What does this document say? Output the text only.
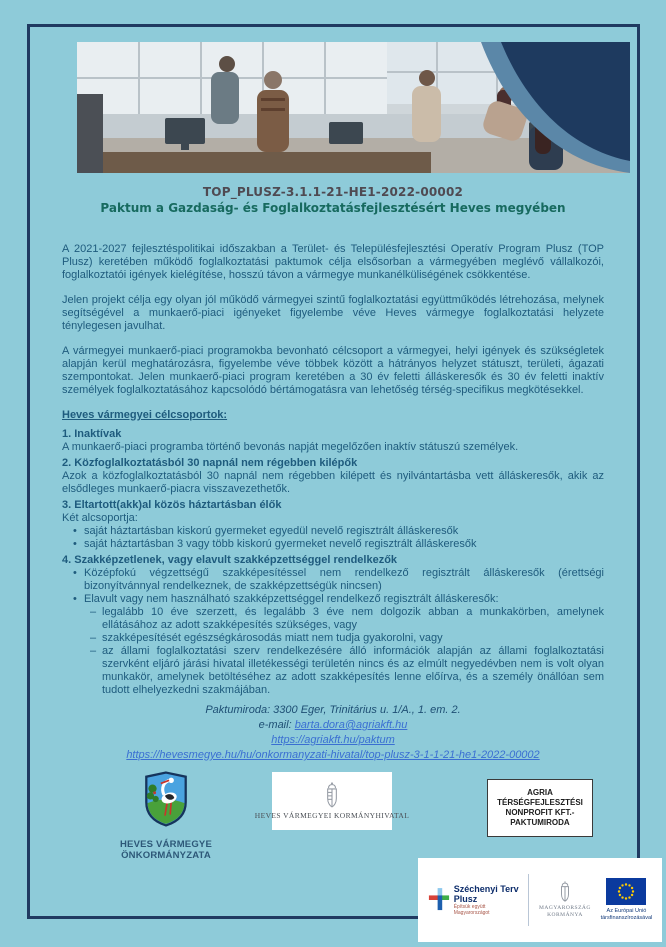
TOP_PLUSZ-3.1.1-21-HE1-2022-00002
Paktum a Gazdaság- és Foglalkoztatásfejlesztésért Heves megyében

A 2021-2027 fejlesztéspolitikai időszakban a Terület- és Településfejlesztési Operatív Program Plusz (TOP Plusz) keretében működő foglalkoztatási paktumok célja elsősorban a vármegyében meglévő vállalkozói, foglalkoztatói igények kielégítése, hosszú távon a vármegye munkanélküliségének csökkentése.

Jelen projekt célja egy olyan jól működő vármegyei szintű foglalkoztatási együttműködés létrehozása, melynek segítségével a munkaerő-piaci igényeket figyelembe véve Heves vármegye foglalkoztatási helyzete ténylegesen javulhat.

A vármegyei munkaerő-piaci programokba bevonható célcsoport a vármegyei, helyi igények és szükségletek alapján kerül meghatározásra, figyelembe véve többek között a hátrányos helyzet státuszt, területi, ágazati szempontokat. Jelen munkaerő-piaci program keretében a 30 év feletti álláskeresők és 30 év feletti inaktív személyek foglalkoztatásához kapcsolódó bértámogatásra van lehetőség térség-specifikus megkötésekkel.

Heves vármegyei célcsoportok:
1. Inaktívak
A munkaerő-piaci programba történő bevonás napját megelőzően inaktív státuszú személyek.
2. Közfoglalkoztatásból 30 napnál nem régebben kilépők
Azok a közfoglalkoztatásból 30 napnál nem régebben kilépett és nyilvántartásba vett álláskeresők, akik az elsődleges munkaerő-piacra visszavezethetők.
3. Eltartott(akk)al közös háztartásban élők
Két alcsoportja:
• saját háztartásban kiskorú gyermeket egyedül nevelő regisztrált álláskeresők
• saját háztartásban 3 vagy több kiskorú gyermeket nevelő regisztrált álláskeresők
4. Szakképzetlenek, vagy elavult szakképzettséggel rendelkezők
• Középfokú végzettségű szakképesítéssel nem rendelkező regisztrált álláskeresők (érettségi bizonyítvánnyal rendelkeznek, de szakképzettségük nincsen)
• Elavult vagy nem használható szakképzettséggel rendelkező regisztrált álláskeresők:
– legalább 10 éve szerzett, és legalább 3 éve nem dolgozik abban a munkakörben, amelynek ellátásához az adott szakképesítés szükséges, vagy
– szakképesítését egészségkárosodás miatt nem tudja gyakorolni, vagy
– az állami foglalkoztatási szerv rendelkezésére álló információk alapján az állami foglalkoztatási szervként eljáró járási hivatal illetékességi területén nincs és az elmúlt negyedévben nem is volt olyan munkakör, amelynek betöltéséhez az adott szakképesítés lenne előírva, és a személy önállóan sem tudott elhelyezkedni szakmájában.
Paktumiroda: 3300 Eger, Trinitárius u. 1/A., 1. em. 2.
e-mail: barta.dora@agriakft.hu
https://agriakft.hu/paktum
https://hevesmegye.hu/hu/onkormanyzati-hivatal/top-plusz-3-1-1-21-he1-2022-00002
HEVES VÁRMEGYE
ÖNKORMÁNYZATA
HEVES VÁRMEGYEI KORMÁNYHIVATAL
AGRIA
TÉRSÉGFEJLESZTÉSI
NONPROFIT KFT.-
PAKTUMIRODA
Széchenyi Terv
Plusz
Építsük együtt
Magyarországot
MAGYARORSZÁG
KORMÁNYA
Az Európai Unió
társfinanszírozásával
